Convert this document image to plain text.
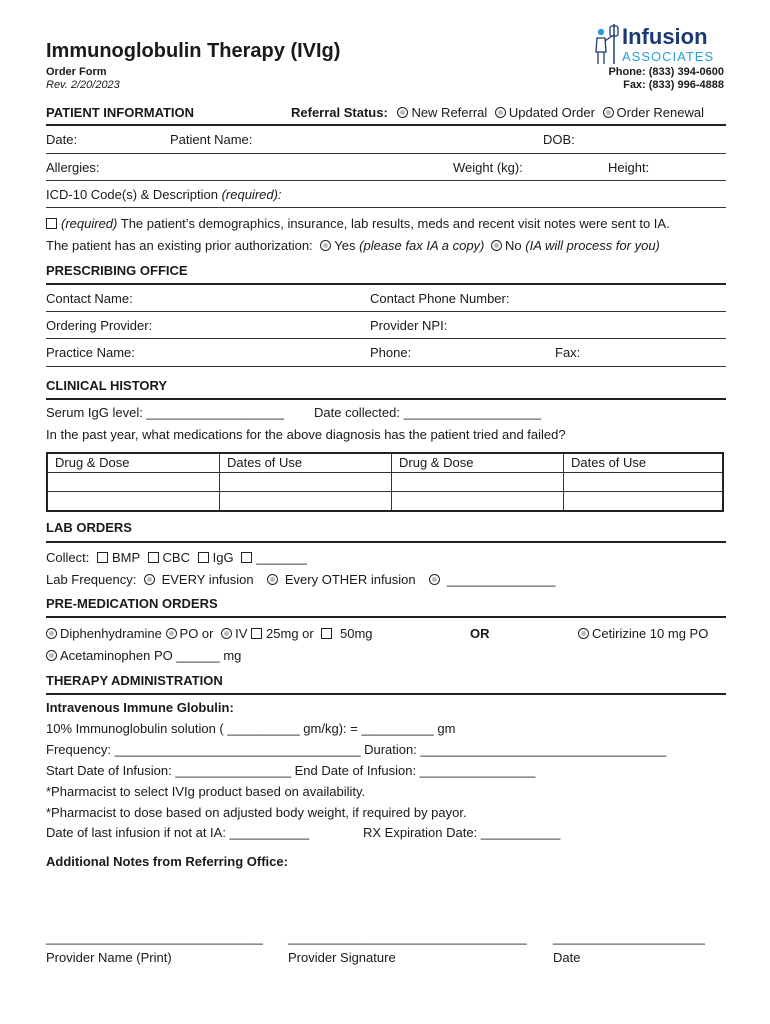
Immunoglobulin Therapy (IVIg)
Order Form
Rev. 2/20/2023
Infusion
ASSOCIATES
Phone: (833) 394-0600
Fax: (833) 996-4888
PATIENT INFORMATION	Referral Status: New Referral Updated Order Order Renewal
Date:	Patient Name:	DOB:
Allergies:	Weight (kg):	Height:
ICD-10 Code(s) & Description (required):
(required) The patient’s demographics, insurance, lab results, meds and recent visit notes were sent to IA.
The patient has an existing prior authorization: Yes (please fax IA a copy) No (IA will process for you)
PRESCRIBING OFFICE
Contact Name:	Contact Phone Number:
Ordering Provider:	Provider NPI:
Practice Name:	Phone:	Fax:
CLINICAL HISTORY
Serum IgG level: ___________________ Date collected: ___________________
In the past year, what medications for the above diagnosis has the patient tried and failed?
Drug & Dose	Dates of Use	Drug & Dose	Dates of Use

LAB ORDERS
Collect: BMP CBC IgG _______
Lab Frequency: EVERY infusion Every OTHER infusion _______________
PRE-MEDICATION ORDERS
Diphenhydramine PO or IV 25mg or 50mg	OR	Cetirizine 10 mg PO
Acetaminophen PO ______ mg
THERAPY ADMINISTRATION
Intravenous Immune Globulin:
10% Immunoglobulin solution ( __________ gm/kg): = __________ gm
Frequency: __________________________________ Duration: __________________________________
Start Date of Infusion: ________________ End Date of Infusion: ________________
*Pharmacist to select IVIg product based on availability.
*Pharmacist to dose based on adjusted body weight, if required by payor.
Date of last infusion if not at IA: ___________	RX Expiration Date: ___________
Additional Notes from Referring Office:
______________________________ _________________________________ _____________________
Provider Name (Print)	Provider Signature	Date
